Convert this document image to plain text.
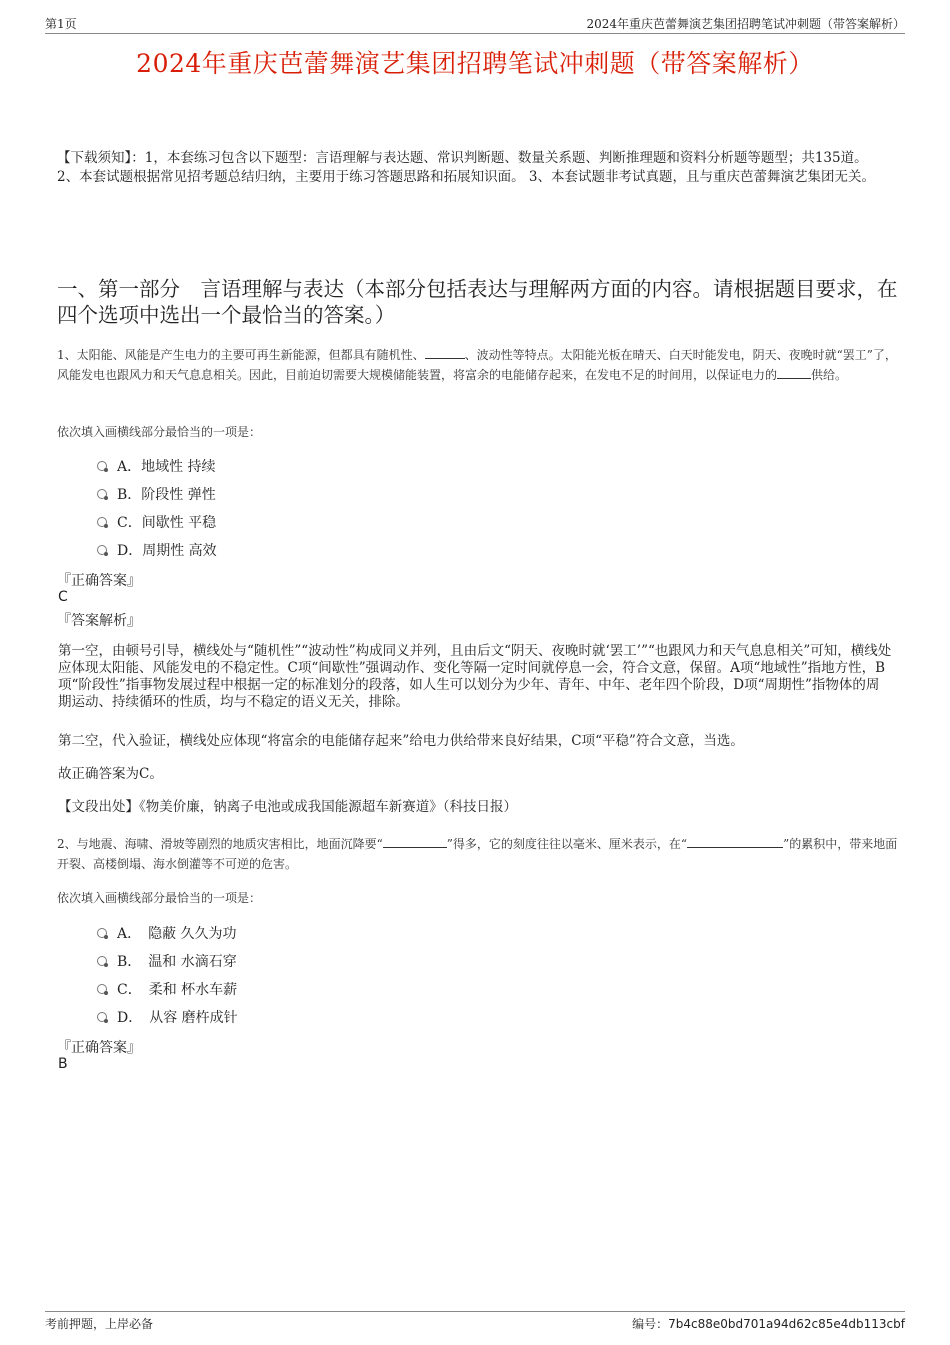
第1页	2024年重庆芭蕾舞演艺集团招聘笔试冲刺题（带答案解析）
2024年重庆芭蕾舞演艺集团招聘笔试冲刺题（带答案解析）
【下载须知】：1，本套练习包含以下题型：言语理解与表达题、常识判断题、数量关系题、判断推理题和资料分析题等题型；共135道。 2、本套试题根据常见招考题总结归纳，主要用于练习答题思路和拓展知识面。 3、本套试题非考试真题，且与重庆芭蕾舞演艺集团无关。
一、第一部分　言语理解与表达（本部分包括表达与理解两方面的内容。请根据题目要求，在四个选项中选出一个最恰当的答案。）
1、太阳能、风能是产生电力的主要可再生新能源，但都具有随机性、	、波动性等特点。太阳能光板在晴天、白天时能发电，阴天、夜晚时就“罢工”了，风能发电也跟风力和天气息息相关。因此，目前迫切需要大规模储能装置，将富余的电能储存起来，在发电不足的时间用，以保证电力的	供给。
依次填入画横线部分最恰当的一项是：
A．地域性 持续
B．阶段性 弹性
C．间歇性 平稳
D．周期性 高效
『正确答案』
C
『答案解析』
第一空，由顿号引导，横线处与“随机性”“波动性”构成同义并列，且由后文“阴天、夜晚时就‘罢工’”“也跟风力和天气息息相关”可知，横线处应体现太阳能、风能发电的不稳定性。C项“间歇性”强调动作、变化等隔一定时间就停息一会，符合文意，保留。A项“地域性”指地方性，B项“阶段性”指事物发展过程中根据一定的标准划分的段落，如人生可以划分为少年、青年、中年、老年四个阶段，D项“周期性”指物体的周期运动、持续循环的性质，均与不稳定的语义无关，排除。
第二空，代入验证，横线处应体现“将富余的电能储存起来”给电力供给带来良好结果，C项“平稳”符合文意，当选。
故正确答案为C。
【文段出处】《物美价廉，钠离子电池或成我国能源超车新赛道》（科技日报）
2、与地震、海啸、滑坡等剧烈的地质灾害相比，地面沉降要“	”得多，它的刻度往往以毫米、厘米表示，在“	”的累积中，带来地面开裂、高楼倒塌、海水倒灌等不可逆的危害。
依次填入画横线部分最恰当的一项是：
A．　隐蔽 久久为功
B．　温和 水滴石穿
C．　柔和 杯水车薪
D．　从容 磨杵成针
『正确答案』
B
考前押题，上岸必备	编号：7b4c88e0bd701a94d62c85e4db113cbf
